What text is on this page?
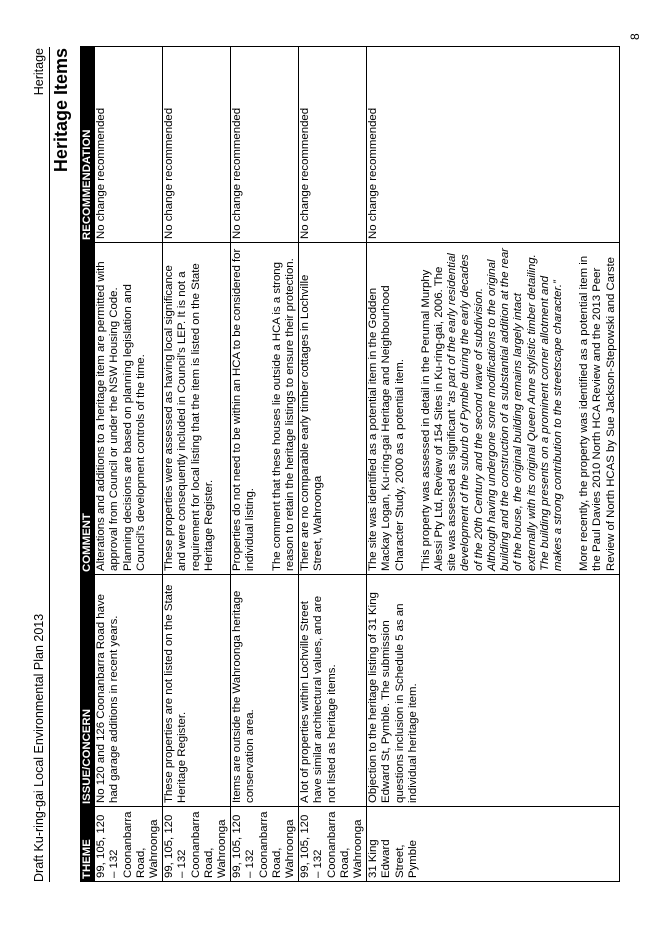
Draft Ku-ring-gai Local Environmental Plan 2013
Heritage Heritage Items
THEME	ISSUE/CONCERN	COMMENT	RECOMMENDATION
99, 105, 120 – 132 Coonanbarra Road, Wahroonga	No 120 and 126 Coonanbarra Road have had garage additions in recent years.	Alterations and additions to a heritage item are permitted with approval from Council or under the NSW Housing Code. Planning decisions are based on planning legislation and Council's development controls of the time.	No change recommended
99, 105, 120 – 132 Coonanbarra Road, Wahroonga	These properties are not listed on the State Heritage Register.	These properties were assessed as having local significance and were consequently included in Council's LEP. It is not a requirement for local listing that the item is listed on the State Heritage Register.	No change recommended
99, 105, 120 – 132 Coonanbarra Road, Wahroonga	Items are outside the Wahroonga heritage conservation area.	Properties do not need to be within an HCA to be considered for individual listing. The comment that these houses lie outside a HCA is a strong reason to retain the heritage listings to ensure their protection.	No change recommended
99, 105, 120 – 132 Coonanbarra Road, Wahroonga	A lot of properties within Lochville Street have similar architectural values, and are not listed as heritage items.	There are no comparable early timber cottages in Lochville Street, Wahroonga	No change recommended
31 King Edward Street, Pymble	Objection to the heritage listing of 31 King Edward St, Pymble. The submission questions inclusion in Schedule 5 as an individual heritage item.	The site was identified as a potential item in the Godden Mackay Logan, Ku-ring-gai Heritage and Neighbourhood Character Study, 2000 as a potential item. This property was assessed in detail in the Perumal Murphy Alessi Pty Ltd, Review of 154 Sites in Ku-ring-gai, 2006. The site was assessed as significant “as part of the early residential development of the suburb of Pymble during the early decades of the 20th Century and the second wave of subdivision. Although having undergone some modifications to the original building and the construction of a substantial addition at the rear of the house, the original building remains largely intact externally with its original Queen Anne stylistic timber detailing. The building presents on a prominent corner allotment and makes a strong contribution to the streetscape character.” More recently, the property was identified as a potential item in the Paul Davies 2010 North HCA Review and the 2013 Peer Review of North HCAS by Sue Jackson-Stepowski and Carste	No change recommended
8
